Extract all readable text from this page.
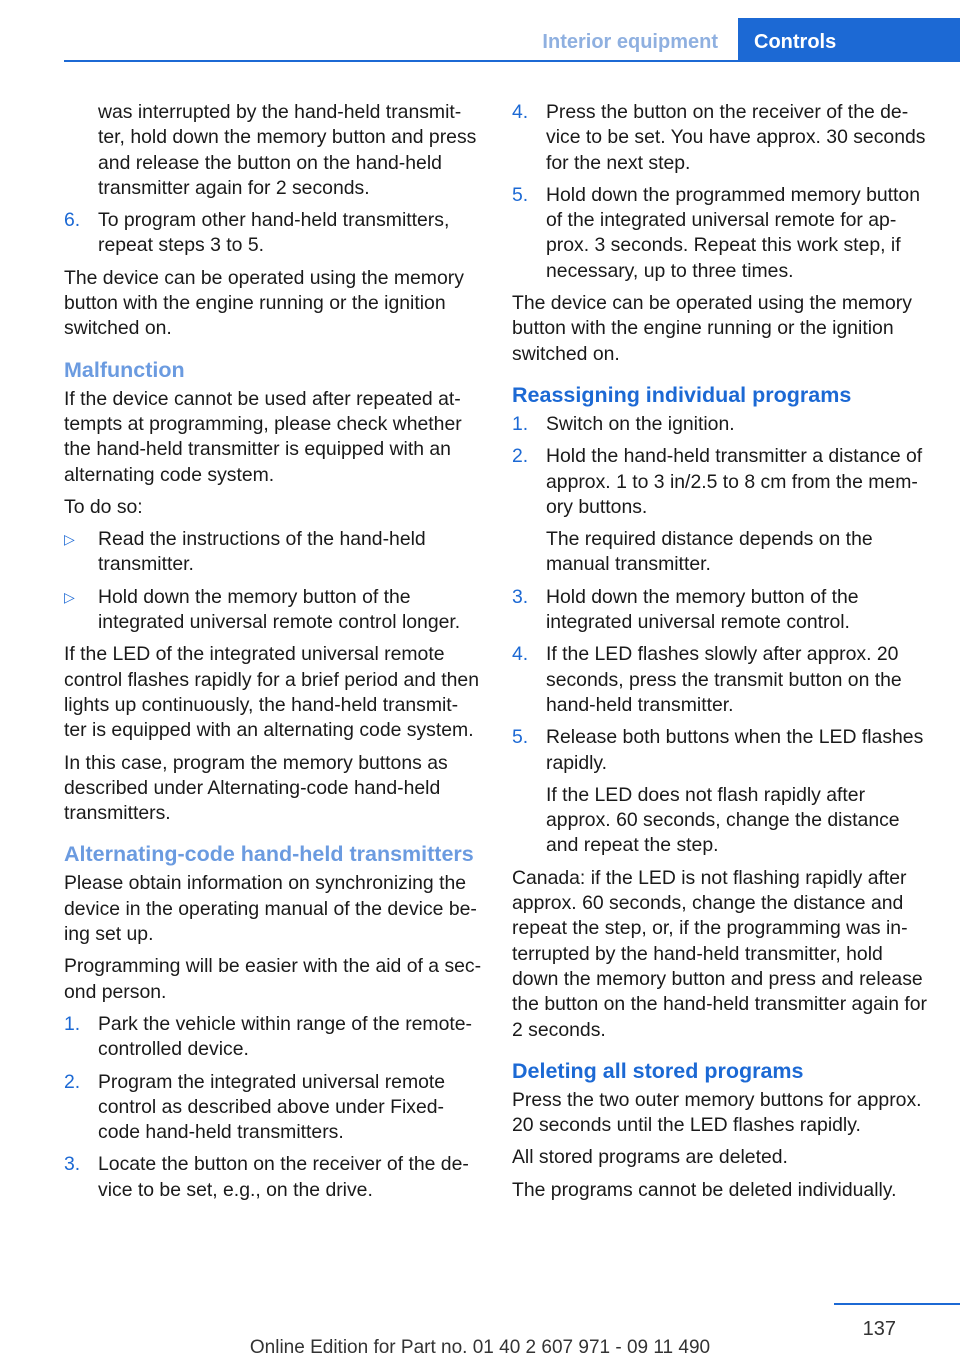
Interior equipment	Controls

was interrupted by the hand-held transmit- ter, hold down the memory button and press and release the button on the hand-held transmitter again for 2 seconds.

6. To program other hand-held transmitters, repeat steps 3 to 5.

The device can be operated using the memory button with the engine running or the ignition switched on.

Malfunction

If the device cannot be used after repeated at- tempts at programming, please check whether the hand-held transmitter is equipped with an alternating code system.

To do so:

▷	Read the instructions of the hand-held transmitter.
▷	Hold down the memory button of the integrated universal remote control longer.

If the LED of the integrated universal remote control flashes rapidly for a brief period and then lights up continuously, the hand-held transmit- ter is equipped with an alternating code system.

In this case, program the memory buttons as described under Alternating-code hand-held transmitters.

Alternating-code hand-held transmitters

Please obtain information on synchronizing the device in the operating manual of the device be- ing set up.

Programming will be easier with the aid of a sec- ond person.

1. Park the vehicle within range of the remote- controlled device.
2. Program the integrated universal remote control as described above under Fixed- code hand-held transmitters.
3. Locate the button on the receiver of the de- vice to be set, e.g., on the drive.
4. Press the button on the receiver of the de- vice to be set. You have approx. 30 seconds for the next step.
5. Hold down the programmed memory button of the integrated universal remote for ap- prox. 3 seconds. Repeat this work step, if necessary, up to three times.

The device can be operated using the memory button with the engine running or the ignition switched on.

Reassigning individual programs
1. Switch on the ignition.
2. Hold the hand-held transmitter a distance of approx. 1 to 3 in/2.5 to 8 cm from the mem- ory buttons.

The required distance depends on the manual transmitter.

3. Hold down the memory button of the integrated universal remote control.
4. If the LED flashes slowly after approx. 20 seconds, press the transmit button on the hand-held transmitter.
5. Release both buttons when the LED flashes rapidly.

If the LED does not flash rapidly after approx. 60 seconds, change the distance and repeat the step.

Canada: if the LED is not flashing rapidly after approx. 60 seconds, change the distance and repeat the step, or, if the programming was in- terrupted by the hand-held transmitter, hold down the memory button and press and release the button on the hand-held transmitter again for 2 seconds.

Deleting all stored programs

Press the two outer memory buttons for approx. 20 seconds until the LED flashes rapidly.

All stored programs are deleted.

The programs cannot be deleted individually.

137
Online Edition for Part no. 01 40 2 607 971 - 09 11 490
